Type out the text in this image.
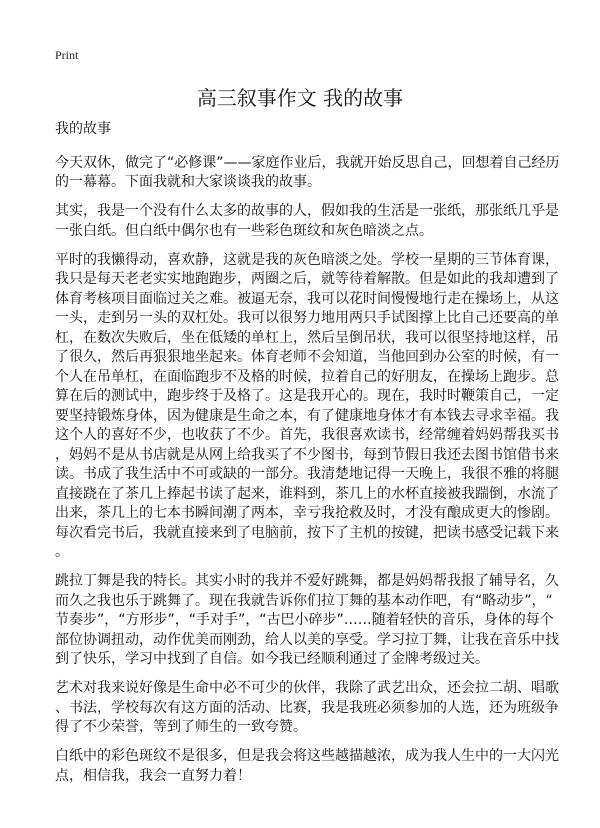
Print
高三叙事作文 我的故事
我的故事
今天双休，做完了“必修课”——家庭作业后，我就开始反思自己，回想着自己经历
的一幕幕。下面我就和大家谈谈我的故事。
其实，我是一个没有什么太多的故事的人，假如我的生活是一张纸，那张纸几乎是
一张白纸。但白纸中偶尔也有一些彩色斑纹和灰色暗淡之点。
平时的我懒得动，喜欢静，这就是我的灰色暗淡之处。学校一星期的三节体育课，
我只是每天老老实实地跑跑步，两圈之后，就等待着解散。但是如此的我却遭到了
体育考核项目面临过关之难。被逼无奈，我可以花时间慢慢地行走在操场上，从这
一头，走到另一头的双杠处。我可以很努力地用两只手试图撑上比自己还要高的单
杠，在数次失败后，坐在低矮的单杠上，然后呈倒吊状，我可以很坚持地这样，吊
了很久，然后再狠狠地坐起来。体育老师不会知道，当他回到办公室的时候，有一
个人在吊单杠，在面临跑步不及格的时候，拉着自己的好朋友，在操场上跑步。总
算在后的测试中，跑步终于及格了。这是我开心的。现在，我时时鞭策自己，一定
要坚持锻炼身体，因为健康是生命之本，有了健康地身体才有本钱去寻求幸福。我
这个人的喜好不少，也收获了不少。首先，我很喜欢读书，经常缠着妈妈帮我买书
，妈妈不是从书店就是从网上给我买了不少图书，每到节假日我还去图书馆借书来
读。书成了我生活中不可或缺的一部分。我清楚地记得一天晚上，我很不雅的将腿
直接跷在了茶几上捧起书读了起来，谁料到，茶几上的水杯直接被我踹倒，水流了
出来，茶几上的七本书瞬间潮了两本，幸亏我抢救及时，才没有酿成更大的惨剧。
每次看完书后，我就直接来到了电脑前，按下了主机的按键，把读书感受记载下来
。
跳拉丁舞是我的特长。其实小时的我并不爱好跳舞，都是妈妈帮我报了辅导名，久
而久之我也乐于跳舞了。现在我就告诉你们拉丁舞的基本动作吧，有“略动步”，“
节奏步”，“方形步”，“手对手”，“古巴小碎步”……随着轻快的音乐，身体的每个
部位协调扭动，动作优美而刚劲，给人以美的享受。学习拉丁舞，让我在音乐中找
到了快乐，学习中找到了自信。如今我已经顺利通过了金牌考级过关。
艺术对我来说好像是生命中必不可少的伙伴，我除了武艺出众，还会拉二胡、唱歌
、书法，学校每次有这方面的活动、比赛，我是我班必须参加的人选，还为班级争
得了不少荣誉，等到了师生的一致夸赞。
白纸中的彩色斑纹不是很多，但是我会将这些越描越浓，成为我人生中的一大闪光
点，相信我，我会一直努力着！
